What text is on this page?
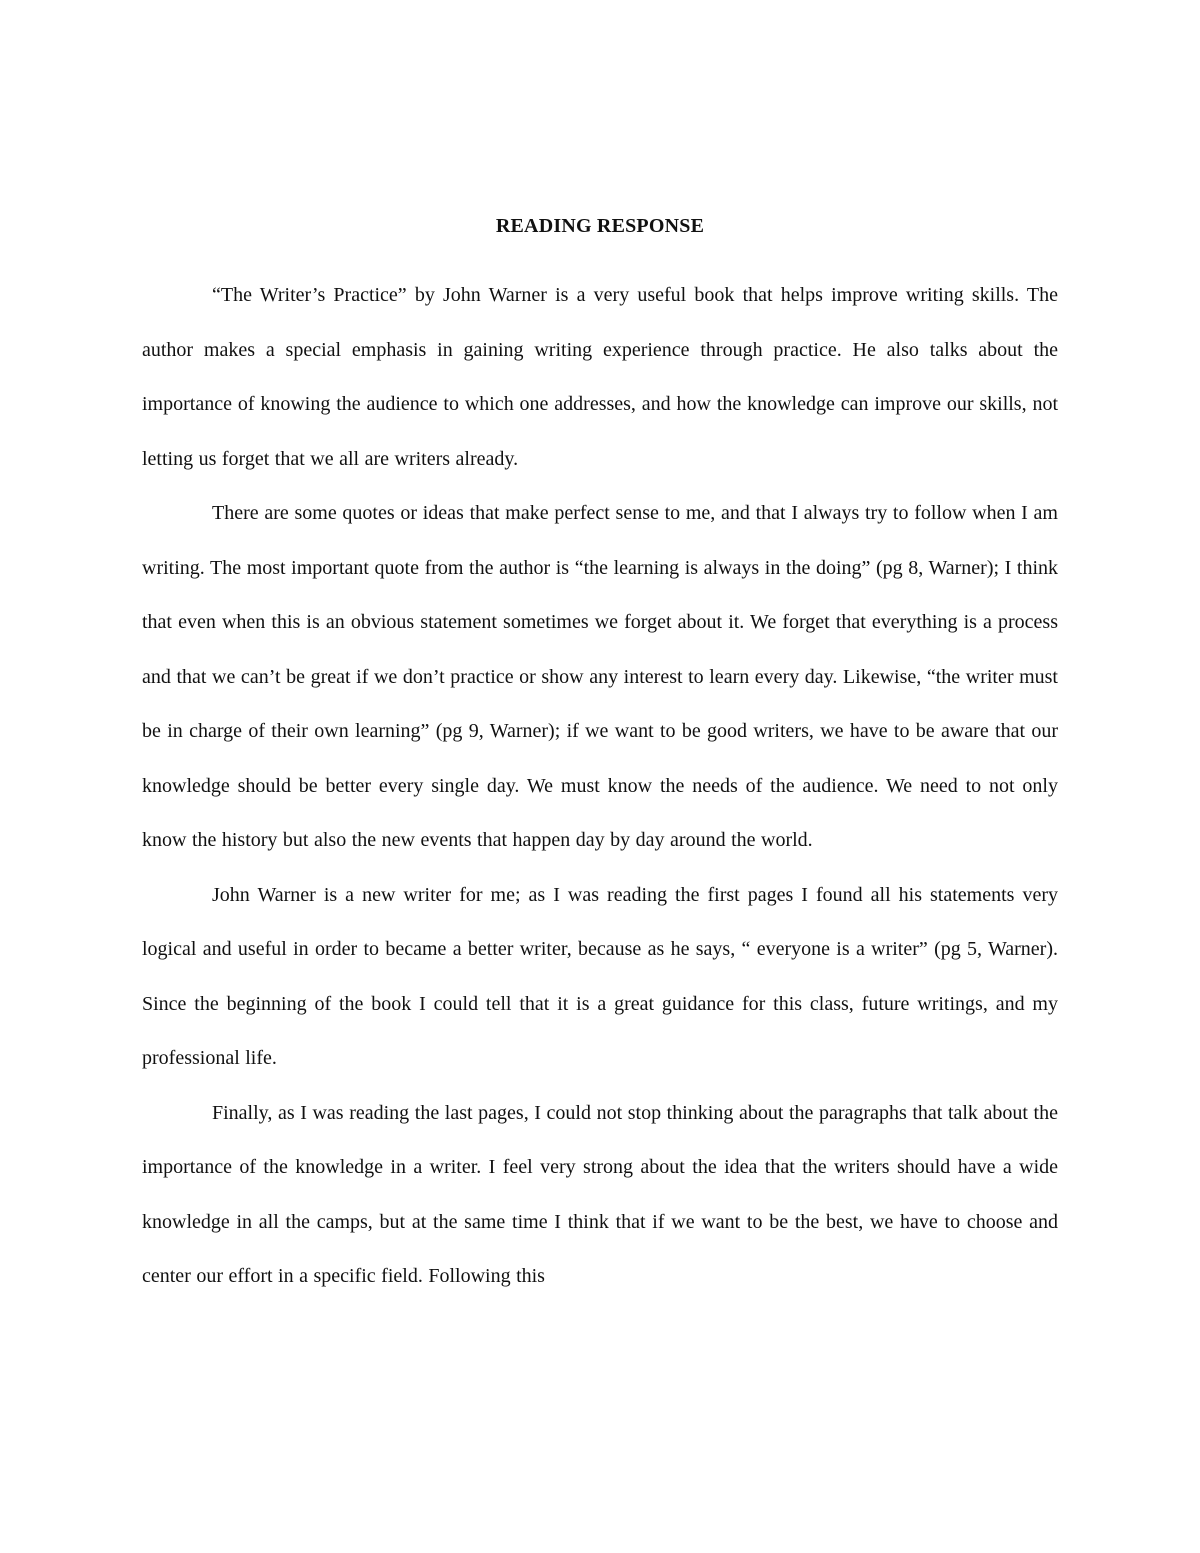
READING RESPONSE

“The Writer’s Practice” by John Warner is a very useful book that helps improve writing skills. The author makes a special emphasis in gaining writing experience through practice. He also talks about the importance of knowing the audience to which one addresses, and how the knowledge can improve our skills, not letting us forget that we all are writers already.

There are some quotes or ideas that make perfect sense to me, and that I always try to follow when I am writing. The most important quote from the author is “the learning is always in the doing” (pg 8, Warner); I think that even when this is an obvious statement sometimes we forget about it. We forget that everything is a process and that we can’t be great if we don’t practice or show any interest to learn every day. Likewise, “the writer must be in charge of their own learning” (pg 9, Warner); if we want to be good writers, we have to be aware that our knowledge should be better every single day. We must know the needs of the audience. We need to not only know the history but also the new events that happen day by day around the world.

John Warner is a new writer for me; as I was reading the first pages I found all his statements very logical and useful in order to became a better writer, because as he says, “ everyone is a writer” (pg 5, Warner). Since the beginning of the book I could tell that it is a great guidance for this class, future writings, and my professional life.

Finally, as I was reading the last pages, I could not stop thinking about the paragraphs that talk about the importance of the knowledge in a writer. I feel very strong about the idea that the writers should have a wide knowledge in all the camps, but at the same time I think that if we want to be the best, we have to choose and center our effort in a specific field. Following this
